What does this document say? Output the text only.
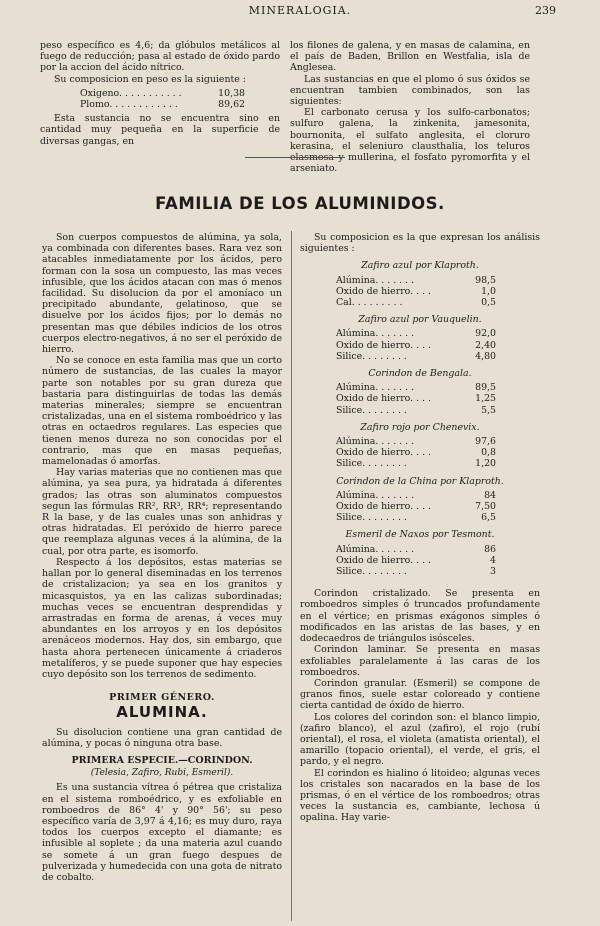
MINERALOGIA.	239

peso específico es 4,6; da glóbulos metálicos al fuego de reducción; pasa al estado de óxido pardo por la accion del ácido nítrico.

Su composicion en peso es la siguiente :

Oxigeno. . . . . . . . . . .	10,38
Plomo. . . . . . . . . . . .	89,62

Esta sustancia no se encuentra sino en cantidad muy pequeña en la superficie de diversas gangas, en

los filones de galena, y en masas de calamina, en el país de Baden, Brillon en Westfalia, isla de Anglesea.

Las sustancias en que el plomo ó sus óxidos se encuentran tambien combinados, son las siguientes:

El carbonato cerusa y los sulfo-carbonatos; sulfuro galena, la zinkenita, jamesonita, bournonita, el sulfato anglesita, el cloruro kerasina, el seleniuro clausthalia, los teluros elasmosa y mullerina, el fosfato pyromorfita y el arseniato.

FAMILIA DE LOS ALUMINIDOS.

Son cuerpos compuestos de alúmina, ya sola, ya combinada con diferentes bases. Rara vez son atacables inmediatamente por los ácidos, pero forman con la sosa un compuesto, las mas veces infusible, que los ácidos atacan con mas ó menos facilidad. Su disolucion da por el amoníaco un precipitado abundante, gelatinoso, que se disuelve por los ácidos fijos; por lo demás no presentan mas que débiles indicios de los otros cuerpos electro-negativos, á no ser el peróxido de hierro.

No se conoce en esta familia mas que un corto número de sustancias, de las cuales la mayor parte son notables por su gran dureza que bastaria para distinguirlas de todas las demás materias minerales; siempre se encuentran cristalizadas, una en el sistema romboédrico y las otras en octaedros regulares. Las especies que tienen menos dureza no son conocidas por el contrario, mas que en masas pequeñas, mamelonadas ó amorfas.

Hay varias materias que no contienen mas que alúmina, ya sea pura, ya hidratada á diferentes grados; las otras son aluminatos compuestos segun las fórmulas RR², RR³, RR⁴; representando R la base, y de las cuales unas son anhidras y otras hidratadas. El peróxido de hierro parece que reemplaza algunas veces á la alúmina, de la cual, por otra parte, es isomorfo.

Respecto á los depósitos, estas materias se hallan por lo general diseminadas en los terrenos de cristalizacion; ya sea en los granitos y micasquistos, ya en las calizas subordinadas; muchas veces se encuentran desprendidas y arrastradas en forma de arenas, á veces muy abundantes en los arroyos y en los depósitos arenáceos modernos. Hay dos, sin embargo, que hasta ahora pertenecen únicamente á criaderos metalíferos, y se puede suponer que hay especies cuyo depósito son los terrenos de sedimento.

PRIMER GÉNERO.
ALUMINA.

Su disolucion contiene una gran cantidad de alúmina, y pocas ó ninguna otra base.

PRIMERA ESPECIE.—CORINDON.
(Telesia, Zafiro, Rubi, Esmeril).

Es una sustancia vítrea ó pétrea que cristaliza en el sistema romboédrico, y es exfoliable en romboedros de 86° 4' y 90° 56'; su peso específico varía de 3,97 á 4,16; es muy duro, raya todos los cuerpos excepto el diamante; es infusible al soplete ; da una materia azul cuando se somete á un gran fuego despues de pulverizada y humedecida con una gota de nitrato de cobalto.

Su composicion es la que expresan los análisis siguientes :

Zafiro azul por Klaproth.
Alúmina. . . . . . .	98,5
Oxido de hierro. . . .	1,0
Cal. . . . . . . . .	0,5
Zafiro azul por Vauquelin.
Alúmina. . . . . . .	92,0
Oxido de hierro. . . .	2,40
Silice. . . . . . . .	4,80
Corindon de Bengala.
Alúmina. . . . . . .	89,5
Oxido de hierro. . . .	1,25
Silice. . . . . . . .	5,5
Zafiro rojo por Chenevix.
Alúmina. . . . . . .	97,6
Oxido de hierro. . . .	0,8
Silice. . . . . . . .	1,20
Corindon de la China por Klaproth.
Alúmina. . . . . . .	84
Oxido de hierro. . . .	7,50
Silice. . . . . . . .	6,5
Esmeril de Naxos por Tesmont.
Alúmina. . . . . . .	86
Oxido de hierro. . . .	4
Silice. . . . . . . .	3

Corindon cristalizado. Se presenta en romboedros simples ó truncados profundamente en el vértice; en prismas exágonos simples ó modificados en las aristas de las bases, y en dodecaedros de triángulos isósceles.

Corindon laminar. Se presenta en masas exfoliables paralelamente á las caras de los romboedros.

Corindon granular. (Esmeril) se compone de granos finos, suele estar coloreado y contiene cierta cantidad de óxido de hierro.

Los colores del corindon son: el blanco limpio, (zafiro blanco), el azul (zafiro), el rojo (rubí oriental), el rosa, el violeta (amatista oriental), el amarillo (topacio oriental), el verde, el gris, el pardo, y el negro.

El corindon es hialino ó litoideo; algunas veces los cristales son nacarados en la base de los prismas, ó en el vértice de los romboedros; otras veces la sustancia es, cambiante, lechosa ú opalina. Hay varie-
